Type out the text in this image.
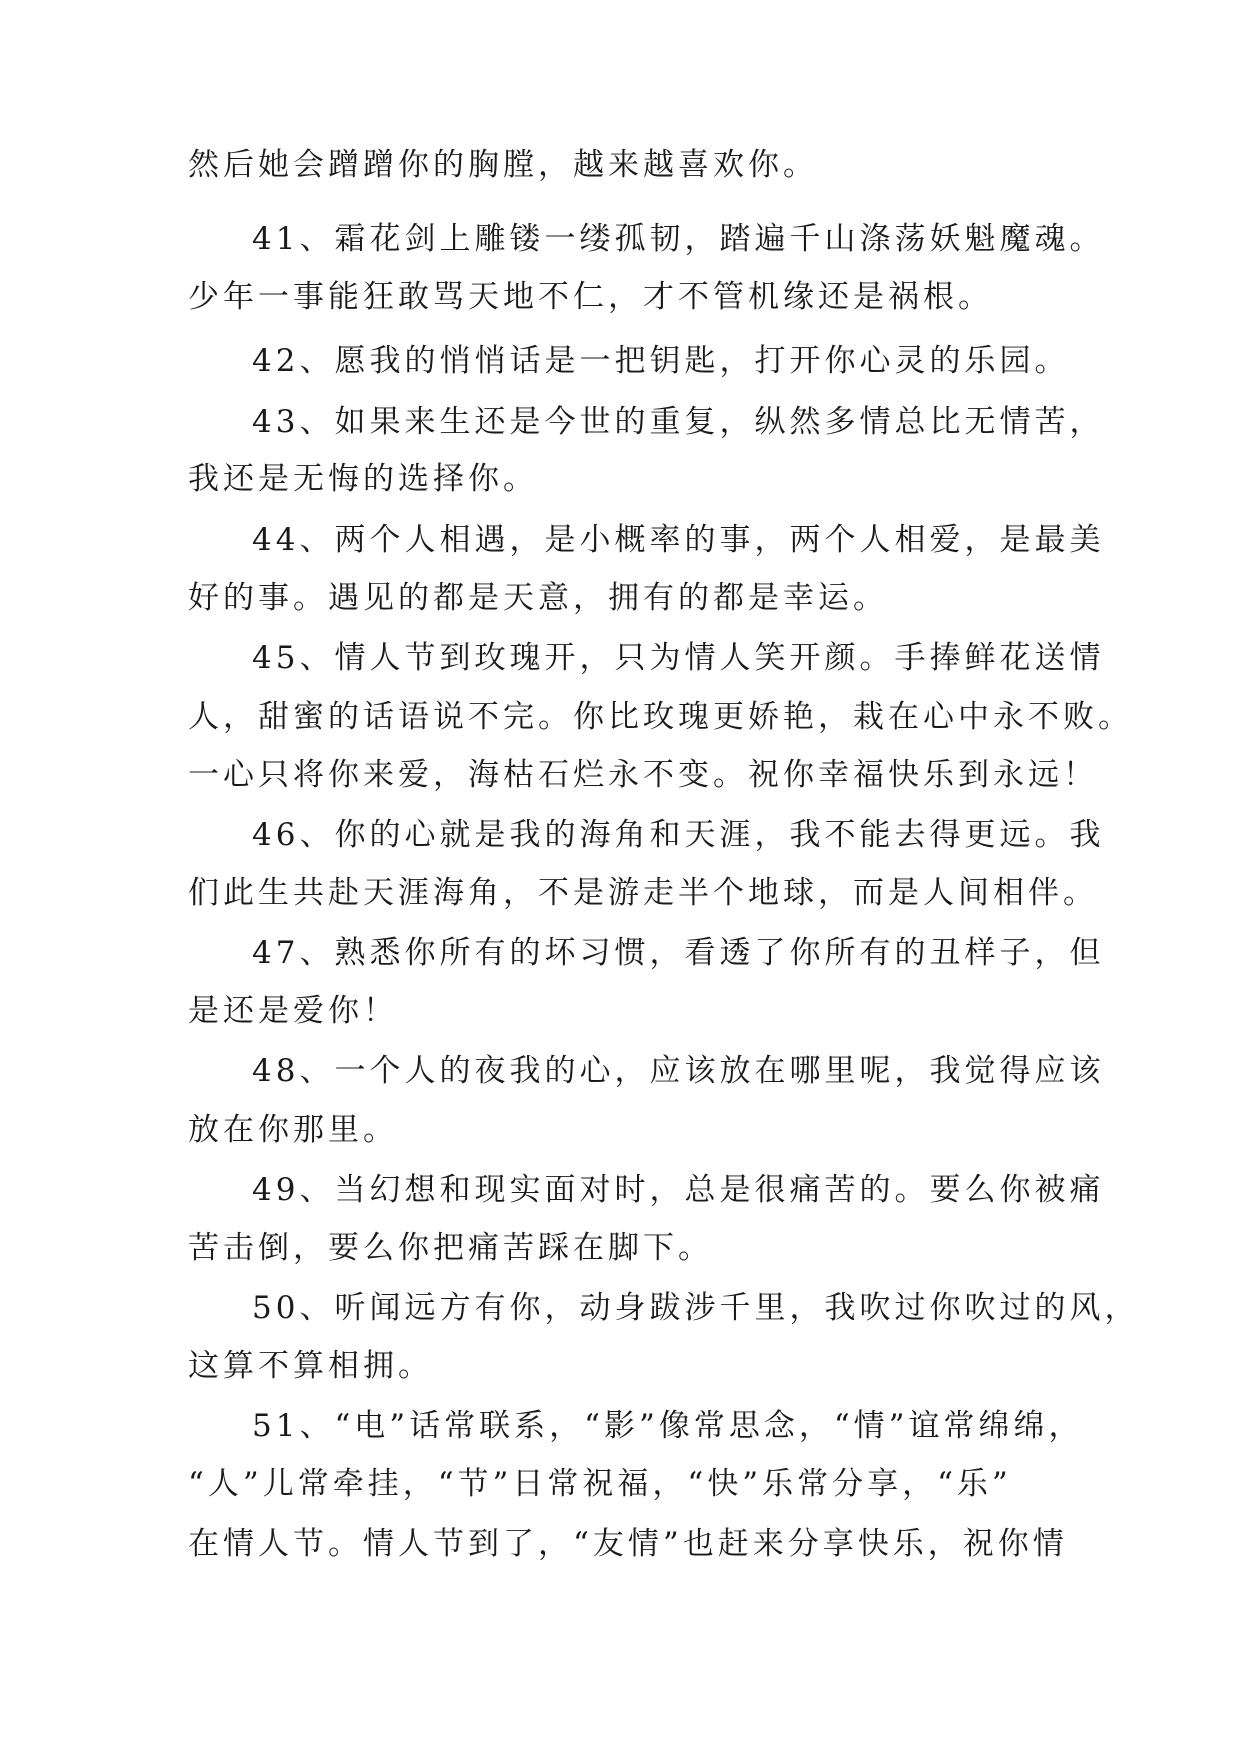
然后她会蹭蹭你的胸膛，越来越喜欢你。
41、霜花剑上雕镂一缕孤韧，踏遍千山涤荡妖魁魔魂。
少年一事能狂敢骂天地不仁，才不管机缘还是祸根。
42、愿我的悄悄话是一把钥匙，打开你心灵的乐园。
43、如果来生还是今世的重复，纵然多情总比无情苦，
我还是无悔的选择你。
44、两个人相遇，是小概率的事，两个人相爱，是最美
好的事。遇见的都是天意，拥有的都是幸运。
45、情人节到玫瑰开，只为情人笑开颜。手捧鲜花送情
人，甜蜜的话语说不完。你比玫瑰更娇艳，栽在心中永不败。
一心只将你来爱，海枯石烂永不变。祝你幸福快乐到永远！
46、你的心就是我的海角和天涯，我不能去得更远。我
们此生共赴天涯海角，不是游走半个地球，而是人间相伴。
47、熟悉你所有的坏习惯，看透了你所有的丑样子，但
是还是爱你！
48、一个人的夜我的心，应该放在哪里呢，我觉得应该
放在你那里。
49、当幻想和现实面对时，总是很痛苦的。要么你被痛
苦击倒，要么你把痛苦踩在脚下。
50、听闻远方有你，动身跋涉千里，我吹过你吹过的风，
这算不算相拥。
51、“电”话常联系，“影”像常思念，“情”谊常绵绵，
“人”儿常牵挂，“节”日常祝福，“快”乐常分享，“乐”
在情人节。情人节到了，“友情”也赶来分享快乐，祝你情
